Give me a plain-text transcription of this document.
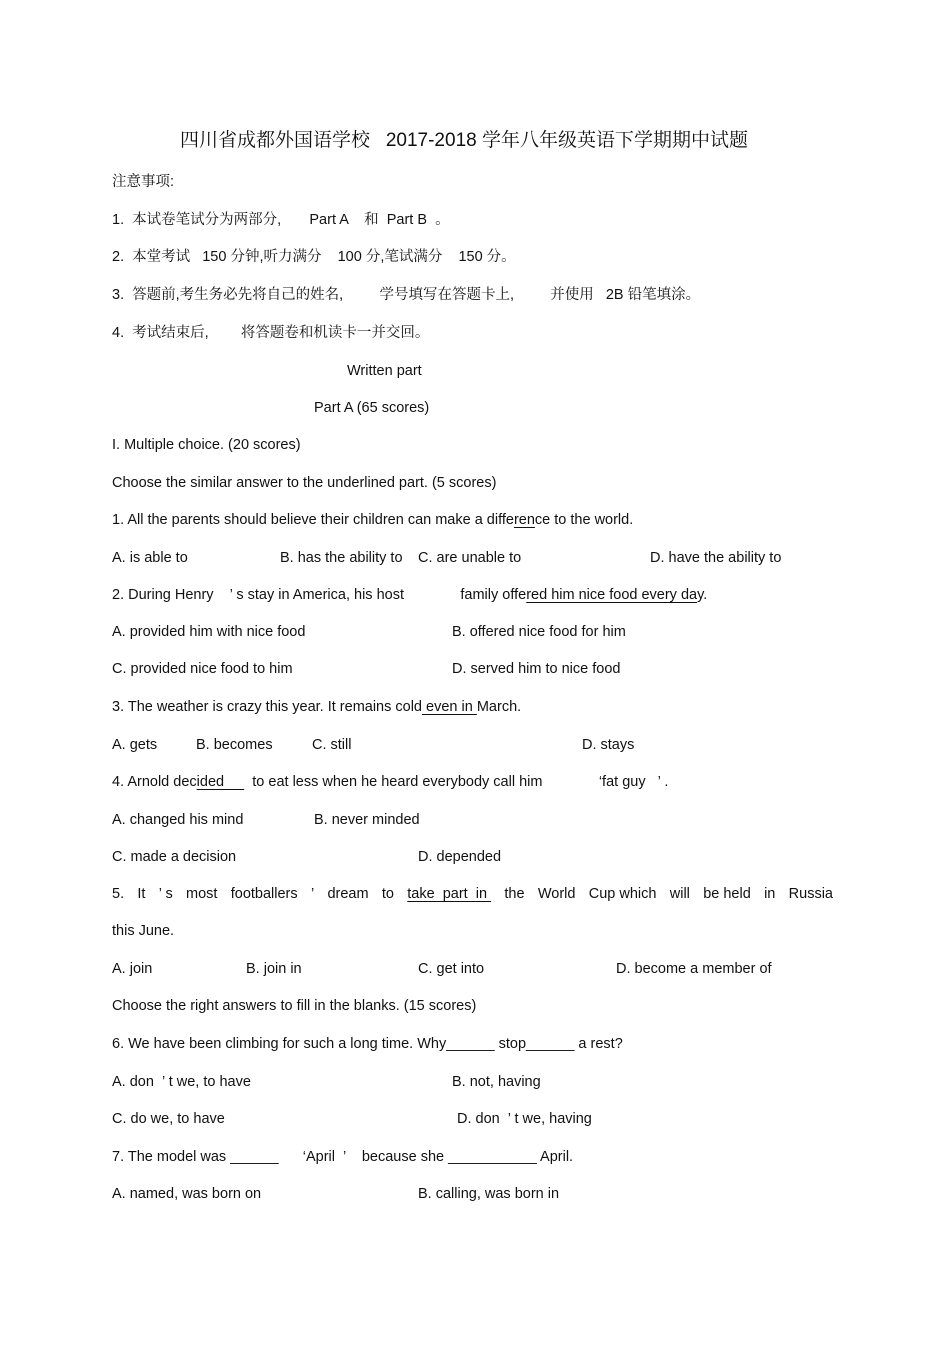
四川省成都外国语学校   2017-2018 学年八年级英语下学期期中试题
注意事项:
1.  本试卷笔试分为两部分,       Part A    和  Part B  。
2.  本堂考试   150 分钟,听力满分    100 分,笔试满分    150 分。
3.  答题前,考生务必先将自己的姓名,         学号填写在答题卡上,         并使用   2B 铅笔填涂。
4.  考试结束后,        将答题卷和机读卡一并交回。
Written part
Part A (65 scores)
I. Multiple choice. (20 scores)
Choose the similar answer to the underlined part. (5 scores)
1. All the parents should believe their children can make a difference to the world.
A. is able to	B. has the ability to C. are unable to	D. have the ability to
2. During Henry    ’ s stay in America, his host              family offered him nice food every day.
A. provided him with nice food	B. offered nice food for him
C. provided nice food to him	D. served him to nice food
3. The weather is crazy this year. It remains cold even in March.
A. gets	B. becomes	C. still	D. stays
4. Arnold decided       to eat less when he heard everybody call him              ‘fat guy   ’ .
A. changed his mind	B. never minded
C. made a decision	D. depended
5. It ’ s most footballers ’ dream to take  part  in the World Cup which will be held in Russia
this June.
A. join	B. join in	C. get into	D. become a member of
Choose the right answers to fill in the blanks. (15 scores)
6. We have been climbing for such a long time. Why______ stop______ a rest?
A. don  ’ t we, to have	B. not, having
C. do we, to have	D. don  ’ t we, having
7. The model was ______      ‘April  ’    because she ___________ April.
A. named, was born on	B. calling, was born in
